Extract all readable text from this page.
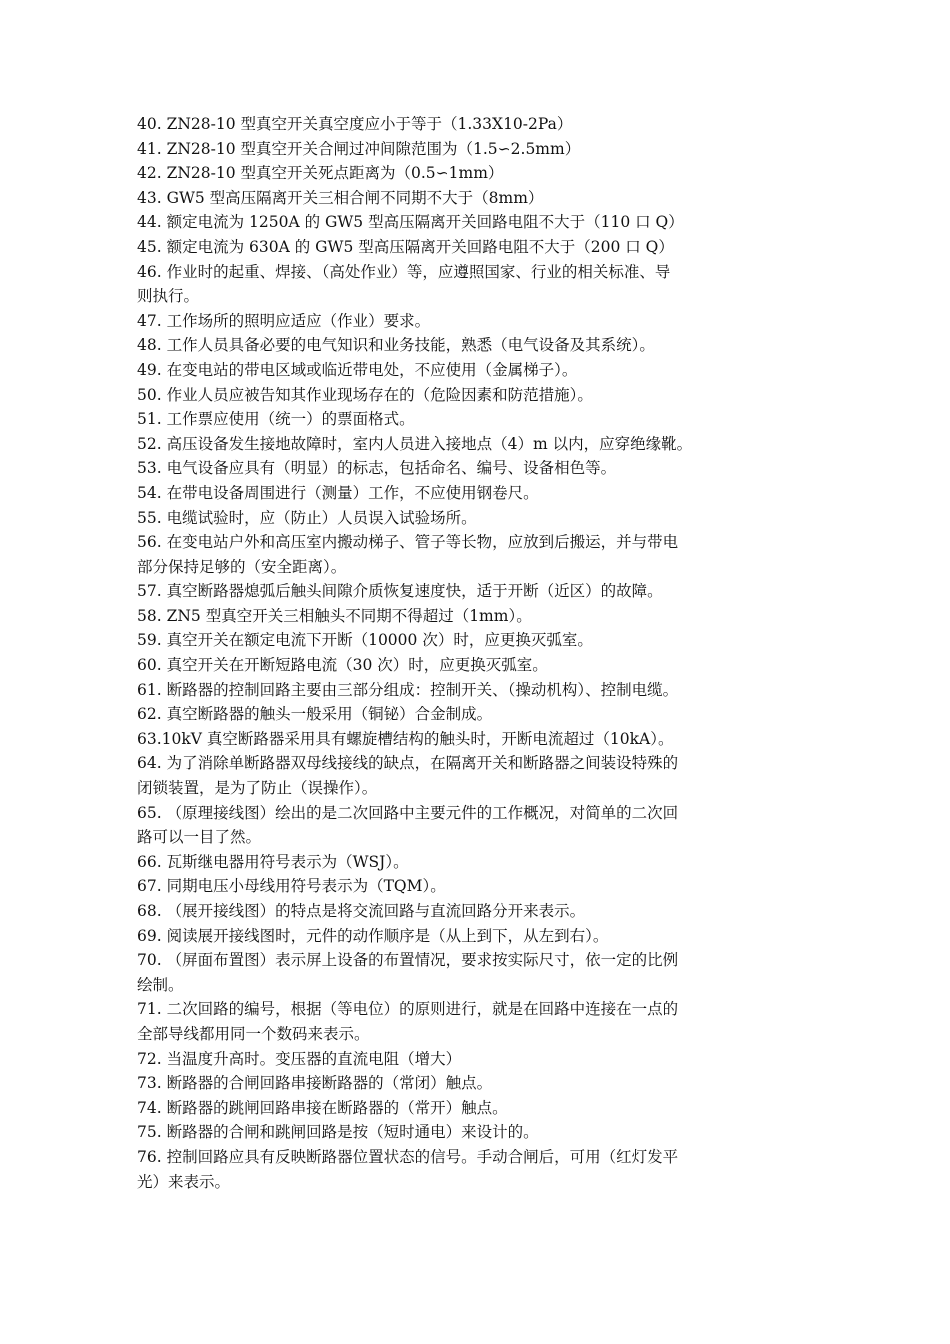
40. ZN28-10 型真空开关真空度应小于等于（1.33X10-2Pa）
41. ZN28-10 型真空开关合闸过冲间隙范围为（1.5∽2.5mm）
42. ZN28-10 型真空开关死点距离为（0.5∽1mm）
43. GW5 型高压隔离开关三相合闸不同期不大于（8mm）
44. 额定电流为 1250A 的 GW5 型高压隔离开关回路电阻不大于（110 口 Q）
45. 额定电流为 630A 的 GW5 型高压隔离开关回路电阻不大于（200 口 Q）
46. 作业时的起重、焊接、（高处作业）等，应遵照国家、行业的相关标准、导
则执行。
47. 工作场所的照明应适应（作业）要求。
48. 工作人员具备必要的电气知识和业务技能，熟悉（电气设备及其系统）。
49. 在变电站的带电区域或临近带电处，不应使用（金属梯子）。
50. 作业人员应被告知其作业现场存在的（危险因素和防范措施）。
51. 工作票应使用（统一）的票面格式。
52. 高压设备发生接地故障时，室内人员进入接地点（4）m 以内，应穿绝缘靴。
53. 电气设备应具有（明显）的标志，包括命名、编号、设备相色等。
54. 在带电设备周围进行（测量）工作，不应使用钢卷尺。
55. 电缆试验时，应（防止）人员误入试验场所。
56. 在变电站户外和高压室内搬动梯子、管子等长物，应放到后搬运，并与带电
部分保持足够的（安全距离）。
57. 真空断路器熄弧后触头间隙介质恢复速度快，适于开断（近区）的故障。
58. ZN5 型真空开关三相触头不同期不得超过（1mm）。
59. 真空开关在额定电流下开断（10000 次）时，应更换灭弧室。
60. 真空开关在开断短路电流（30 次）时，应更换灭弧室。
61. 断路器的控制回路主要由三部分组成：控制开关、（操动机构）、控制电缆。
62. 真空断路器的触头一般采用（铜铋）合金制成。
63.10kV 真空断路器采用具有螺旋槽结构的触头时，开断电流超过（10kA）。
64. 为了消除单断路器双母线接线的缺点，在隔离开关和断路器之间装设特殊的
闭锁装置，是为了防止（误操作）。
65. （原理接线图）绘出的是二次回路中主要元件的工作概况，对简单的二次回
路可以一目了然。
66. 瓦斯继电器用符号表示为（WSJ）。
67. 同期电压小母线用符号表示为（TQM）。
68. （展开接线图）的特点是将交流回路与直流回路分开来表示。
69. 阅读展开接线图时，元件的动作顺序是（从上到下，从左到右）。
70. （屏面布置图）表示屏上设备的布置情况，要求按实际尺寸，依一定的比例
绘制。
71. 二次回路的编号，根据（等电位）的原则进行，就是在回路中连接在一点的
全部导线都用同一个数码来表示。
72. 当温度升高时。变压器的直流电阻（增大）
73. 断路器的合闸回路串接断路器的（常闭）触点。
74. 断路器的跳闸回路串接在断路器的（常开）触点。
75. 断路器的合闸和跳闸回路是按（短时通电）来设计的。
76. 控制回路应具有反映断路器位置状态的信号。手动合闸后，可用（红灯发平
光）来表示。
